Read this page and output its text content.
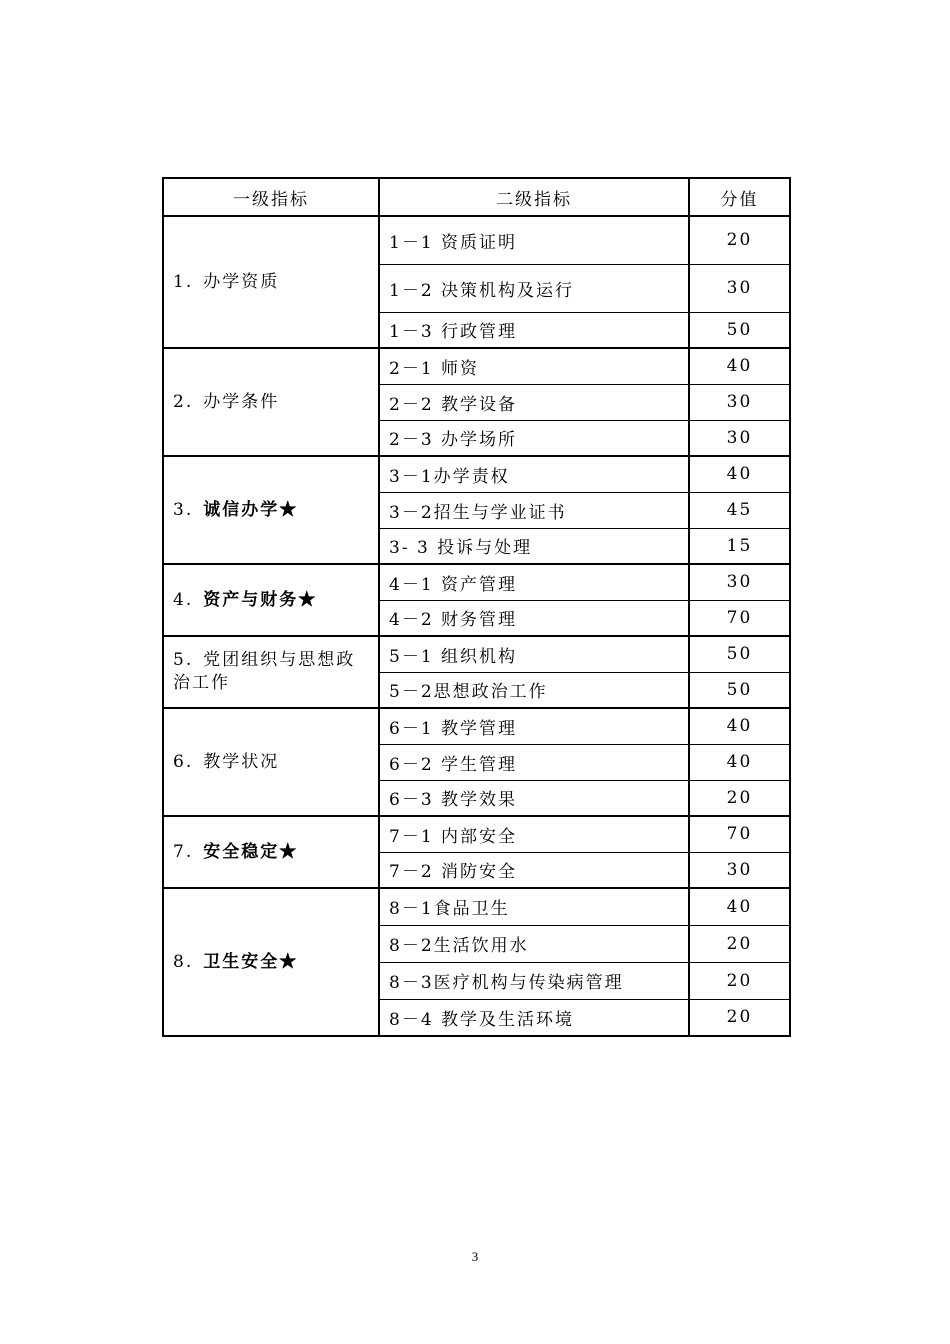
一级指标	二级指标	分值
1. 办学资质	1－1 资质证明	20
	1－2 决策机构及运行	30
	1－3 行政管理	50
2. 办学条件	2－1 师资	40
	2－2 教学设备	30
	2－3 办学场所	30
3. 诚信办学★	3－1办学责权	40
	3－2招生与学业证书	45
	3- 3 投诉与处理	15
4. 资产与财务★	4－1 资产管理	30
	4－2 财务管理	70
5. 党团组织与思想政治工作	5－1 组织机构	50
	5－2思想政治工作	50
6. 教学状况	6－1 教学管理	40
	6－2 学生管理	40
	6－3 教学效果	20
7. 安全稳定★	7－1 内部安全	70
	7－2 消防安全	30
8. 卫生安全★	8－1食品卫生	40
	8－2生活饮用水	20
	8－3医疗机构与传染病管理	20
	8－4 教学及生活环境	20
3
